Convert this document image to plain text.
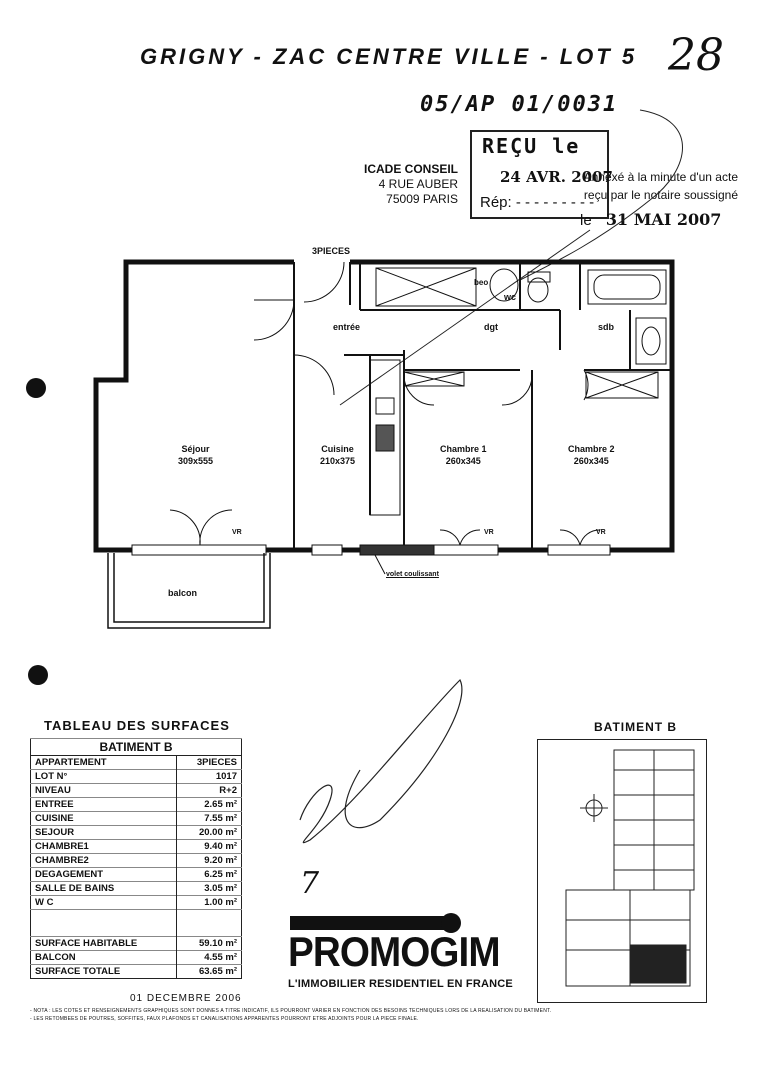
GRIGNY - ZAC CENTRE VILLE - LOT 5 28
05/AP 01/0031
REÇU le
24 AVR. 2007
Rép: - - - - - - - - -
Annexé à la minute d'un acte
reçu par le notaire soussigné
le 31 MAI 2007
ICADE CONSEIL
4 RUE AUBER
75009 PARIS
3PIECES
Séjour
309x555
Cuisine
210x375
Chambre 1
260x345
Chambre 2
260x345
entrée	dgt	sdb
wc
beo
balcon
VR	VR	VR
volet coulissant
TABLEAU DES SURFACES
BATIMENT B	
APPARTEMENT	3PIECES
LOT N°	1017
NIVEAU	R+2
ENTREE	2.65 m²
CUISINE	7.55 m²
SEJOUR	20.00 m²
CHAMBRE1	9.40 m²
CHAMBRE2	9.20 m²
DEGAGEMENT	6.25 m²
SALLE DE BAINS	3.05 m²
W C	1.00 m²

SURFACE HABITABLE	59.10 m²
BALCON	4.55 m²
SURFACE TOTALE	63.65 m²
01 DECEMBRE 2006
- NOTA : LES COTES ET RENSEIGNEMENTS GRAPHIQUES SONT DONNES A TITRE INDICATIF, ILS POURRONT VARIER EN FONCTION DES BESOINS TECHNIQUES LORS DE LA REALISATION DU BATIMENT.
- LES RETOMBEES DE POUTRES, SOFFITES, FAUX PLAFONDS ET CANALISATIONS APPARENTES POURRONT ETRE ADJOINTS POUR LA PIECE FINALE.
7
BATIMENT B
PROMOGIM
L'IMMOBILIER RESIDENTIEL EN FRANCE
